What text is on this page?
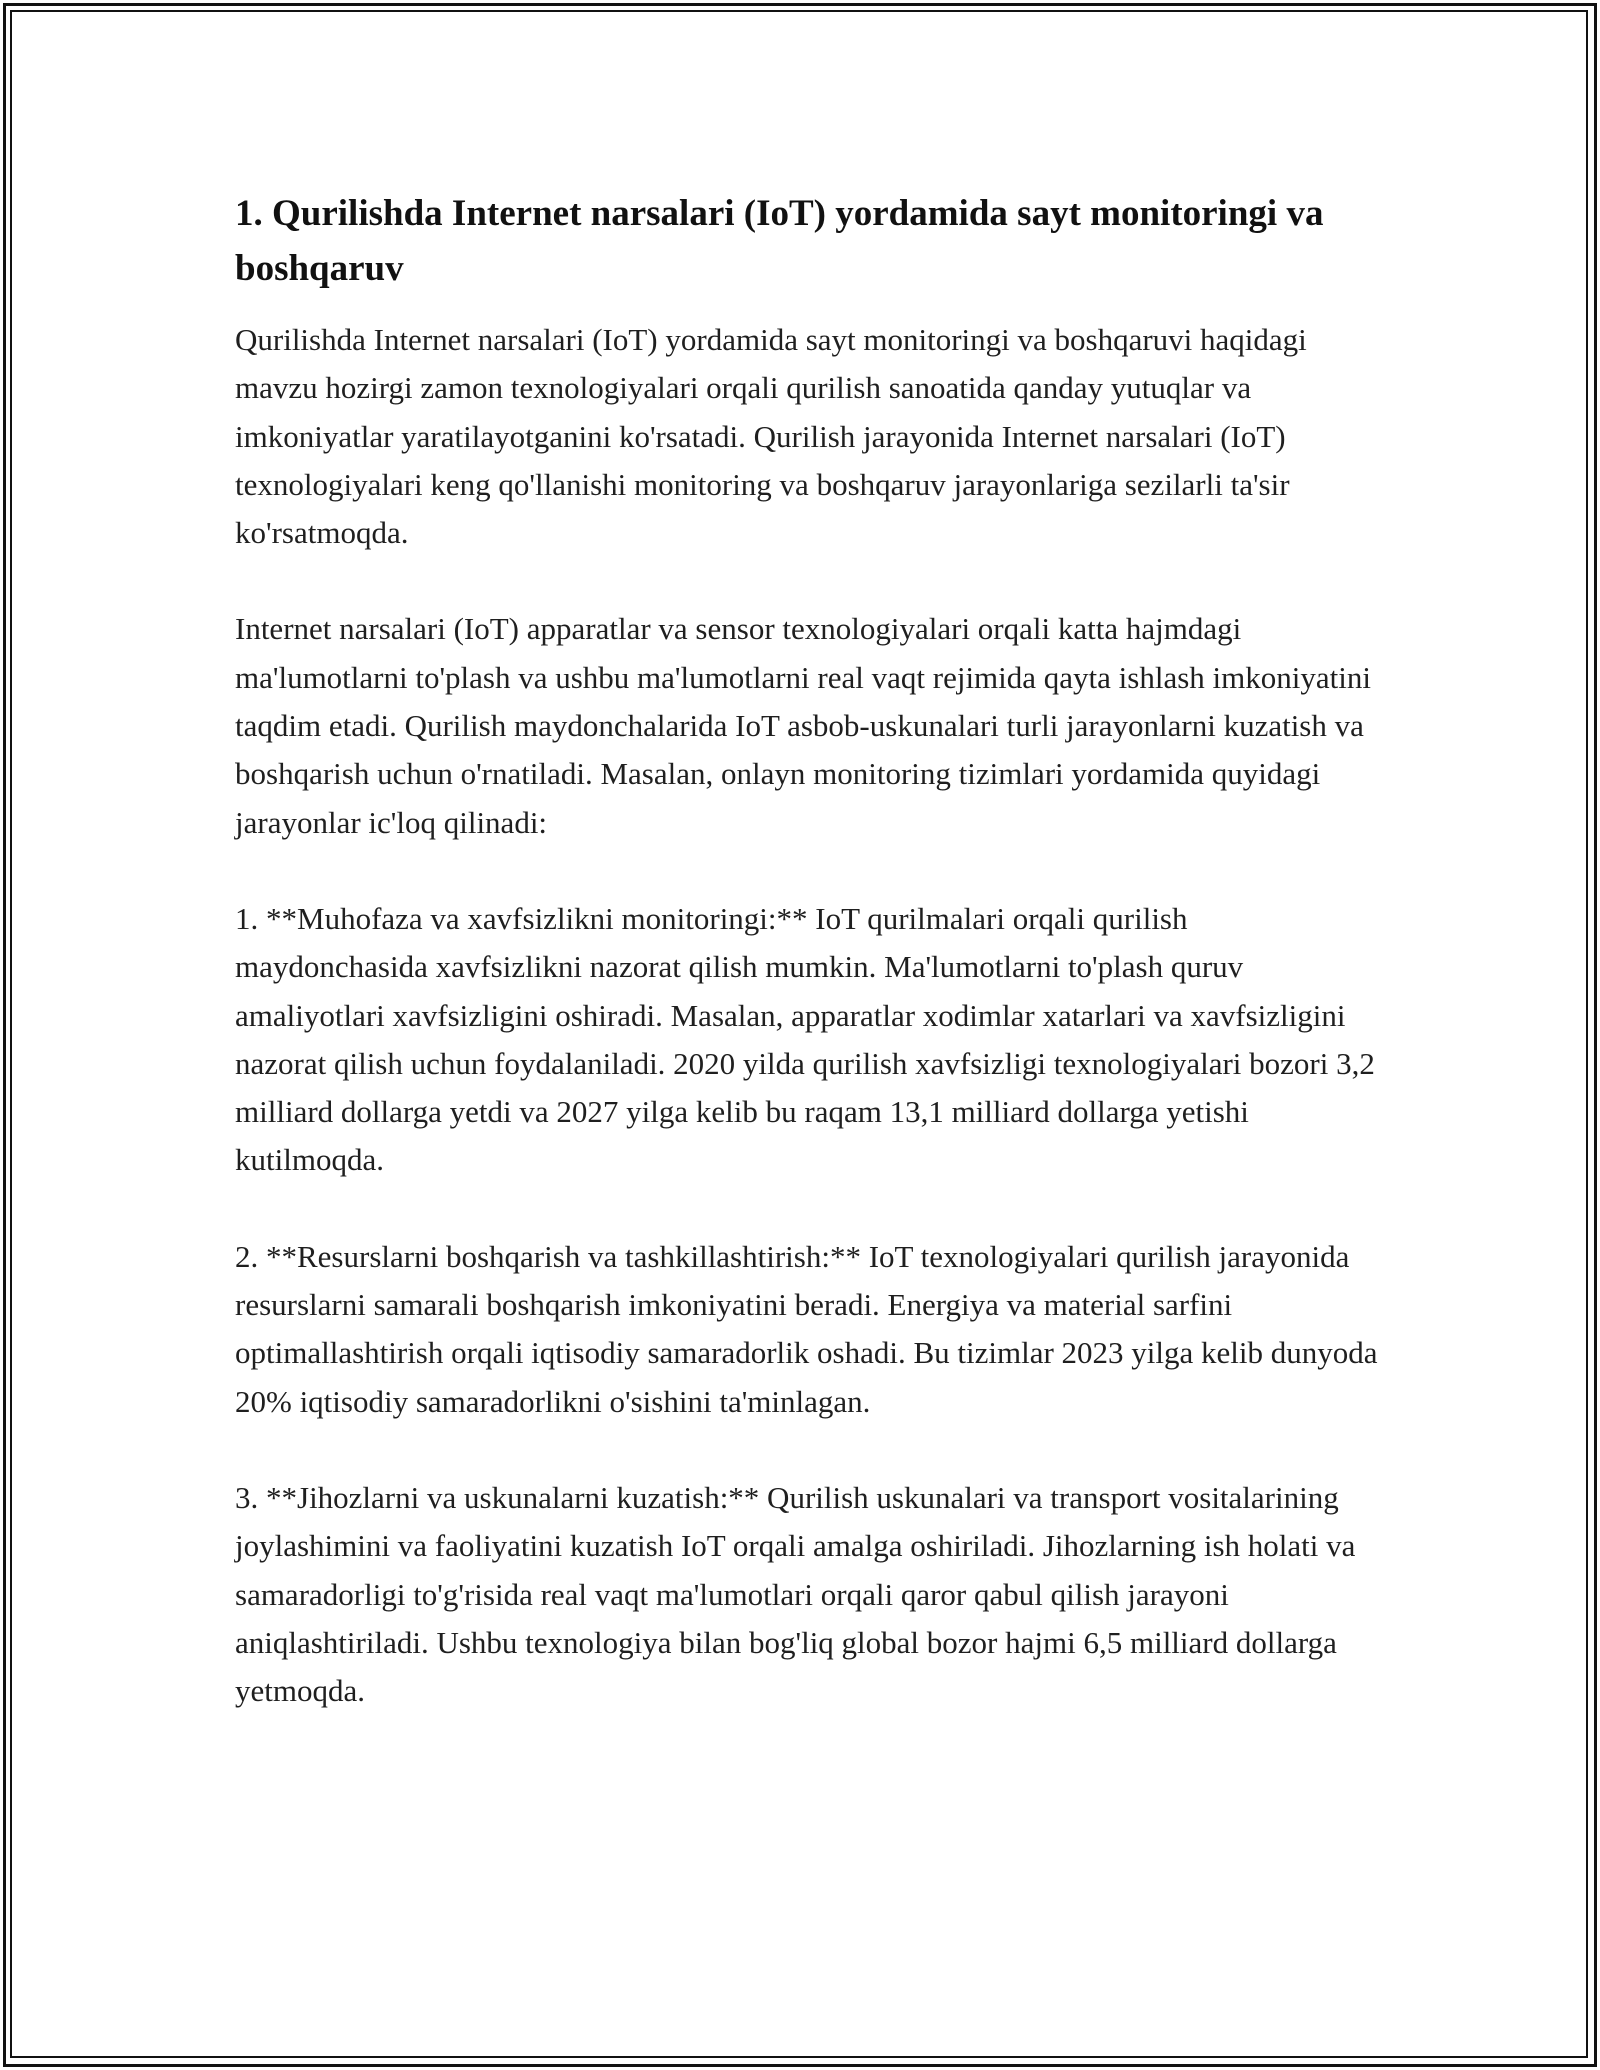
1. Qurilishda Internet narsalari (IoT) yordamida sayt monitoringi va boshqaruv

Qurilishda Internet narsalari (IoT) yordamida sayt monitoringi va boshqaruvi haqidagi mavzu hozirgi zamon texnologiyalari orqali qurilish sanoatida qanday yutuqlar va imkoniyatlar yaratilayotganini ko'rsatadi. Qurilish jarayonida Internet narsalari (IoT) texnologiyalari keng qo'llanishi monitoring va boshqaruv jarayonlariga sezilarli ta'sir ko'rsatmoqda.

Internet narsalari (IoT) apparatlar va sensor texnologiyalari orqali katta hajmdagi ma'lumotlarni to'plash va ushbu ma'lumotlarni real vaqt rejimida qayta ishlash imkoniyatini taqdim etadi. Qurilish maydonchalarida IoT asbob-uskunalari turli jarayonlarni kuzatish va boshqarish uchun o'rnatiladi. Masalan, onlayn monitoring tizimlari yordamida quyidagi jarayonlar ic'loq qilinadi:

1. **Muhofaza va xavfsizlikni monitoringi:** IoT qurilmalari orqali qurilish maydonchasida xavfsizlikni nazorat qilish mumkin. Ma'lumotlarni to'plash quruv amaliyotlari xavfsizligini oshiradi. Masalan, apparatlar xodimlar xatarlari va xavfsizligini nazorat qilish uchun foydalaniladi. 2020 yilda qurilish xavfsizligi texnologiyalari bozori 3,2 milliard dollarga yetdi va 2027 yilga kelib bu raqam 13,1 milliard dollarga yetishi kutilmoqda.

2. **Resurslarni boshqarish va tashkillashtirish:** IoT texnologiyalari qurilish jarayonida resurslarni samarali boshqarish imkoniyatini beradi. Energiya va material sarfini optimallashtirish orqali iqtisodiy samaradorlik oshadi. Bu tizimlar 2023 yilga kelib dunyoda 20% iqtisodiy samaradorlikni o'sishini ta'minlagan.

3. **Jihozlarni va uskunalarni kuzatish:** Qurilish uskunalari va transport vositalarining joylashimini va faoliyatini kuzatish IoT orqali amalga oshiriladi. Jihozlarning ish holati va samaradorligi to'g'risida real vaqt ma'lumotlari orqali qaror qabul qilish jarayoni aniqlashtiriladi. Ushbu texnologiya bilan bog'liq global bozor hajmi 6,5 milliard dollarga yetmoqda.
